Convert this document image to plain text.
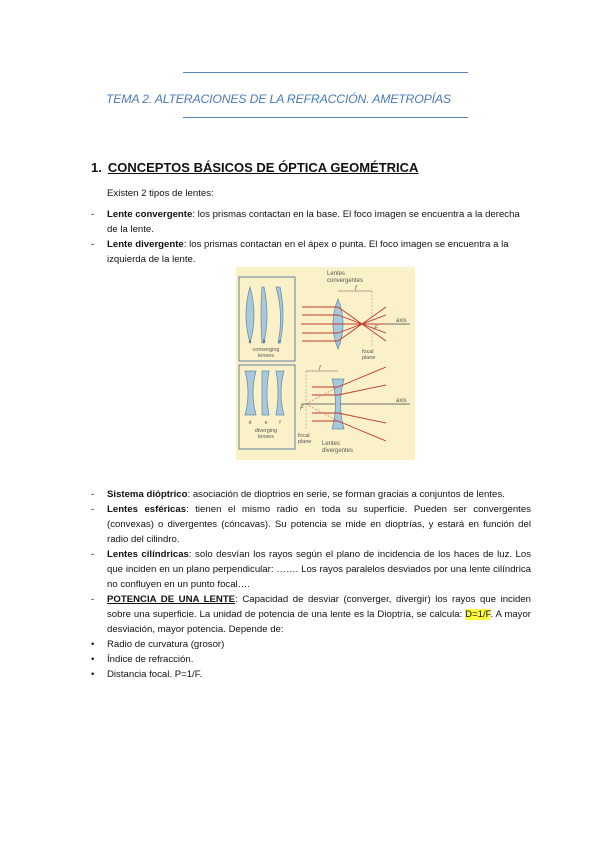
TEMA 2. ALTERACIONES DE LA REFRACCIÓN. AMETROPÍAS
1. CONCEPTOS BÁSICOS DE ÓPTICA GEOMÉTRICA
Existen 2 tipos de lentes:
- Lente convergente: los prismas contactan en la base. El foco imagen se encuentra a la derecha de la lente.
- Lente divergente: los prismas contactan en el ápex o punta. El foco imagen se encuentra a la izquierda de la lente.
a b	c
converging
lenses
d	e f
diverging
lenses
Lentes
convergentes
f
axis
F
focal
plane
f
axis
F
focal
plane Lentes
divergentes
- Sistema dióptrico: asociación de dioptrios en serie, se forman gracias a conjuntos de lentes.
- Lentes esféricas: tienen el mismo radio en toda su superficie. Pueden ser convergentes (convexas) o divergentes (cóncavas). Su potencia se mide en dioptrías, y estará en función del radio del cilindro.
- Lentes cilíndricas: solo desvían los rayos según el plano de incidencia de los haces de luz. Los que inciden en un plano perpendicular: ……. Los rayos paralelos desviados por una lente cilíndrica no confluyen en un punto focal….
- POTENCIA DE UNA LENTE: Capacidad de desviar (converger, divergir) los rayos que inciden sobre una superficie. La unidad de potencia de una lente es la Dioptría, se calcula: D=1/F. A mayor desviación, mayor potencia. Depende de:
• Radio de curvatura (grosor)
• Índice de refracción.
• Distancia focal. P=1/F.
